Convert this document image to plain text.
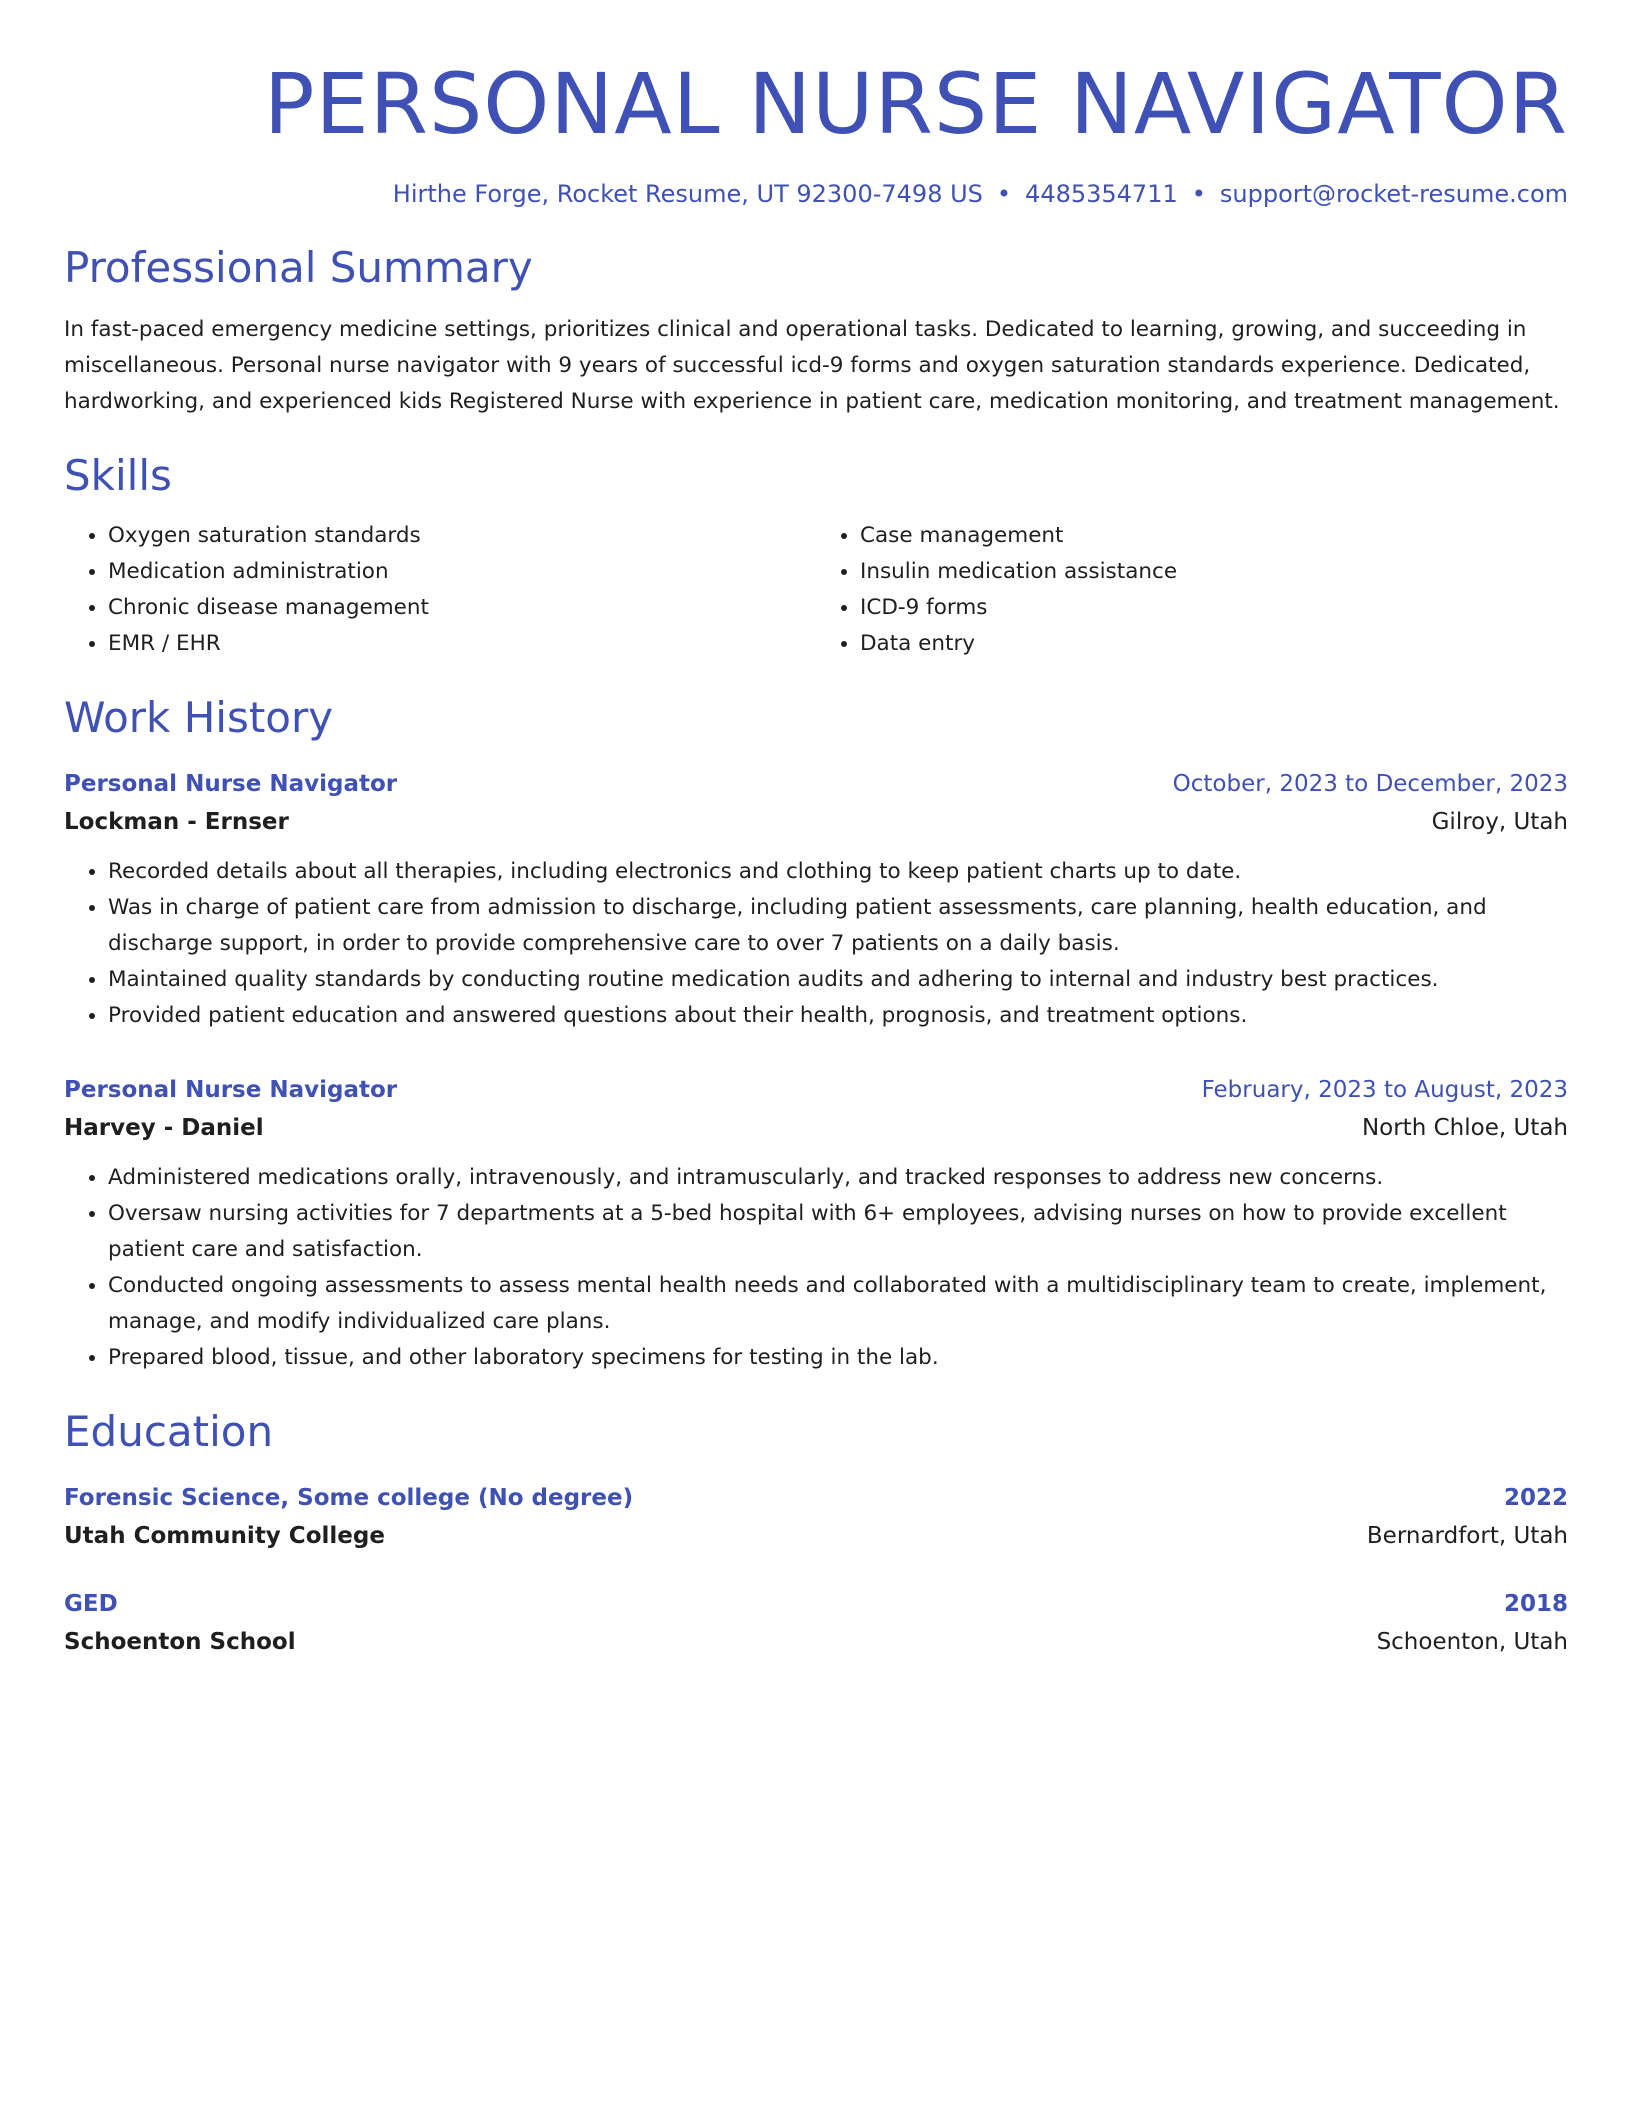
PERSONAL NURSE NAVIGATOR
Hirthe Forge, Rocket Resume, UT 92300-7498 US • 4485354711 • support@rocket-resume.com
Professional Summary

In fast-paced emergency medicine settings, prioritizes clinical and operational tasks. Dedicated to learning, growing, and succeeding in miscellaneous. Personal nurse navigator with 9 years of successful icd-9 forms and oxygen saturation standards experience. Dedicated, hardworking, and experienced kids Registered Nurse with experience in patient care, medication monitoring, and treatment management.

Skills
• Oxygen saturation standards
• Medication administration
• Chronic disease management
• EMR / EHR
• Case management
• Insulin medication assistance
• ICD-9 forms
• Data entry
Work History
Personal Nurse Navigator	October, 2023 to December, 2023
Lockman - Ernser	Gilroy, Utah
• Recorded details about all therapies, including electronics and clothing to keep patient charts up to date.
• Was in charge of patient care from admission to discharge, including patient assessments, care planning, health education, and discharge support, in order to provide comprehensive care to over 7 patients on a daily basis.
• Maintained quality standards by conducting routine medication audits and adhering to internal and industry best practices.
• Provided patient education and answered questions about their health, prognosis, and treatment options.
Personal Nurse Navigator	February, 2023 to August, 2023
Harvey - Daniel	North Chloe, Utah
• Administered medications orally, intravenously, and intramuscularly, and tracked responses to address new concerns.
• Oversaw nursing activities for 7 departments at a 5-bed hospital with 6+ employees, advising nurses on how to provide excellent patient care and satisfaction.
• Conducted ongoing assessments to assess mental health needs and collaborated with a multidisciplinary team to create, implement, manage, and modify individualized care plans.
• Prepared blood, tissue, and other laboratory specimens for testing in the lab.
Education
Forensic Science, Some college (No degree)	2022
Utah Community College	Bernardfort, Utah
GED	2018
Schoenton School	Schoenton, Utah
